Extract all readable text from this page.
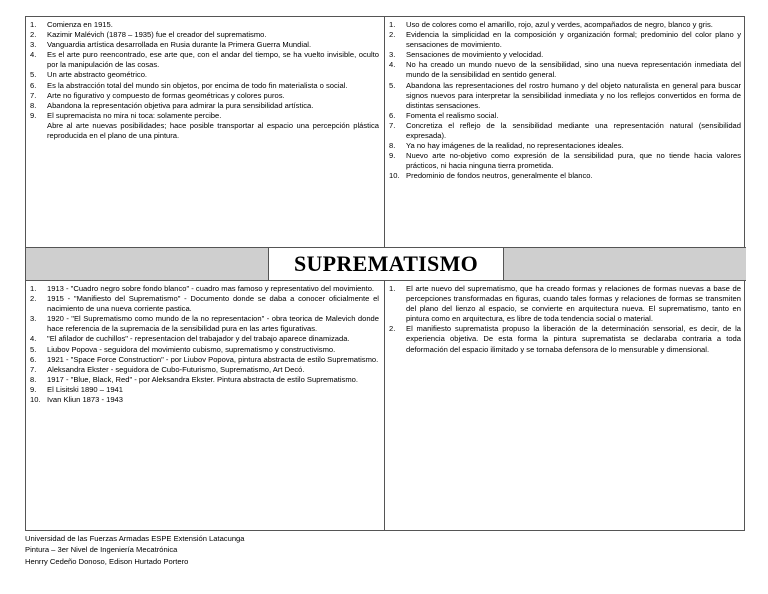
1.	Comienza en 1915.
2.	Kazimir Malévich (1878 – 1935) fue el creador del suprematismo.
3.	Vanguardia artística desarrollada en Rusia durante la Primera Guerra Mundial.
4.	Es el arte puro reencontrado, ese arte que, con el andar del tiempo, se ha vuelto invisible, oculto por la manipulación de las cosas.
5.	Un arte abstracto geométrico.
6.	Es la abstracción total del mundo sin objetos, por encima de todo fin materialista o social.
7.	Arte no figurativo y compuesto de formas geométricas y colores puros.
8.	Abandona la representación objetiva para admirar la pura sensibilidad artística.
9.	El supremacista no mira ni toca: solamente percibe.
Abre al arte nuevas posibilidades; hace posible transportar al espacio una percepción plástica reproducida en el plano de una pintura.
1.	Uso de colores como el amarillo, rojo, azul y verdes, acompañados de negro, blanco y gris.
2.	Evidencia la simplicidad en la composición y organización formal; predominio del color plano y sensaciones de movimiento.
3.	Sensaciones de movimiento y velocidad.
4.	No ha creado un mundo nuevo de la sensibilidad, sino una nueva representación inmediata del mundo de la sensibilidad en sentido general.
5.	Abandona las representaciones del rostro humano y del objeto naturalista en general para buscar signos nuevos para interpretar la sensibilidad inmediata y no los reflejos convertidos en forma de distintas sensaciones.
6.	Fomenta el realismo social.
7.	Concretiza el reflejo de la sensibilidad mediante una representación natural (sensibilidad expresada).
8.	Ya no hay imágenes de la realidad, no representaciones ideales.
9.	Nuevo arte no-objetivo como expresión de la sensibilidad pura, que no tiende hacia valores prácticos, ni hacia ninguna tierra prometida.
10. Predominio de fondos neutros, generalmente el blanco.
SUPREMATISMO
1.	1913 - "Cuadro negro sobre fondo blanco" - cuadro mas famoso y representativo del movimiento.
2.	1915 - "Manifiesto del Suprematismo" - Documento donde se daba a conocer oficialmente el nacimiento de una nueva corriente pastica.
3.	1920 - "El Suprematismo como mundo de la no representacion" - obra teorica de Malevich donde hace referencia de la supremacia de la sensibilidad pura en las artes figurativas.
4.	"El afilador de cuchillos" - representacion del trabajador y del trabajo aparece dinamizada.
5.	Liubov Popova - seguidora del movimiento cubismo, suprematismo y constructivismo.
6.	1921 - "Space Force Construction" - por Liubov Popova, pintura abstracta de estilo Suprematismo.
7.	Aleksandra Ekster - seguidora de Cubo-Futurismo, Suprematismo, Art Decó.
8.	1917 - "Blue, Black, Red" - por Aleksandra Ekster. Pintura abstracta de estilo Suprematismo.
9.	El Lisitski 1890 – 1941
10. Ivan Kliun 1873 - 1943
1.	El arte nuevo del suprematismo, que ha creado formas y relaciones de formas nuevas a base de percepciones transformadas en figuras, cuando tales formas y relaciones de formas se transmiten del plano del lienzo al espacio, se convierte en arquitectura nueva. El suprematismo, tanto en pintura como en arquitectura, es libre de toda tendencia social o material.
2.	El manifiesto suprematista propuso la liberación de la determinación sensorial, es decir, de la experiencia objetiva. De esta forma la pintura suprematista se declaraba contraria a toda deformación del espacio ilimitado y se tornaba defensora de lo mensurable y dimensional.
Universidad de las Fuerzas Armadas ESPE Extensión Latacunga
Pintura – 3er Nivel de Ingeniería Mecatrónica
Henrry Cedeño Donoso, Edison Hurtado Portero
